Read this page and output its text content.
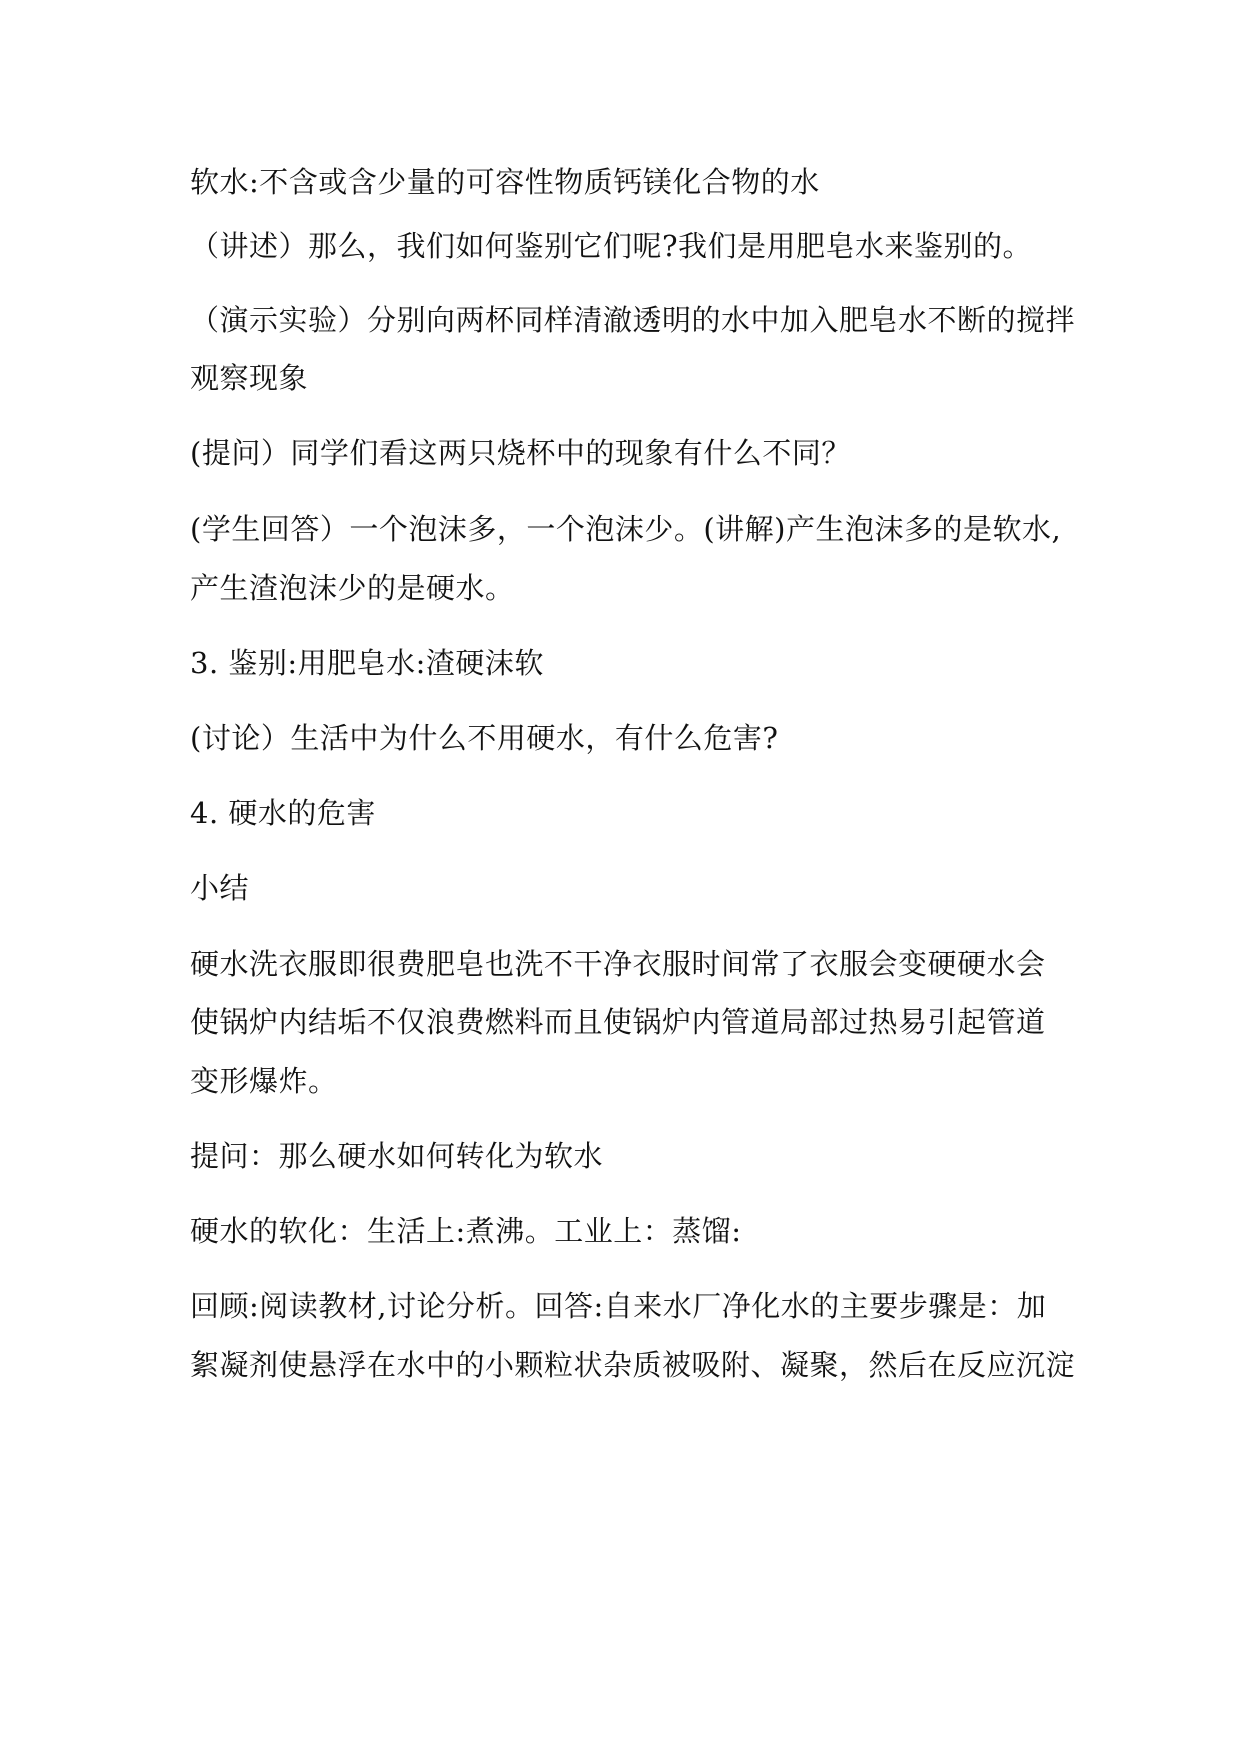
软水:不含或含少量的可容性物质钙镁化合物的水

（讲述）那么，我们如何鉴别它们呢?我们是用肥皂水来鉴别的。

（演示实验）分别向两杯同样清澈透明的水中加入肥皂水不断的搅拌

观察现象

(提问）同学们看这两只烧杯中的现象有什么不同？

(学生回答）一个泡沫多，一个泡沫少。(讲解)产生泡沫多的是软水,

产生渣泡沫少的是硬水。

3. 鉴别:用肥皂水:渣硬沫软

(讨论）生活中为什么不用硬水，有什么危害?

4. 硬水的危害

小结

硬水洗衣服即很费肥皂也洗不干净衣服时间常了衣服会变硬硬水会

使锅炉内结垢不仅浪费燃料而且使锅炉内管道局部过热易引起管道

变形爆炸。

提问：那么硬水如何转化为软水

硬水的软化：生活上:煮沸。工业上：蒸馏:

回顾:阅读教材,讨论分析。回答:自来水厂净化水的主要步骤是：加

絮凝剂使悬浮在水中的小颗粒状杂质被吸附、凝聚，然后在反应沉淀
